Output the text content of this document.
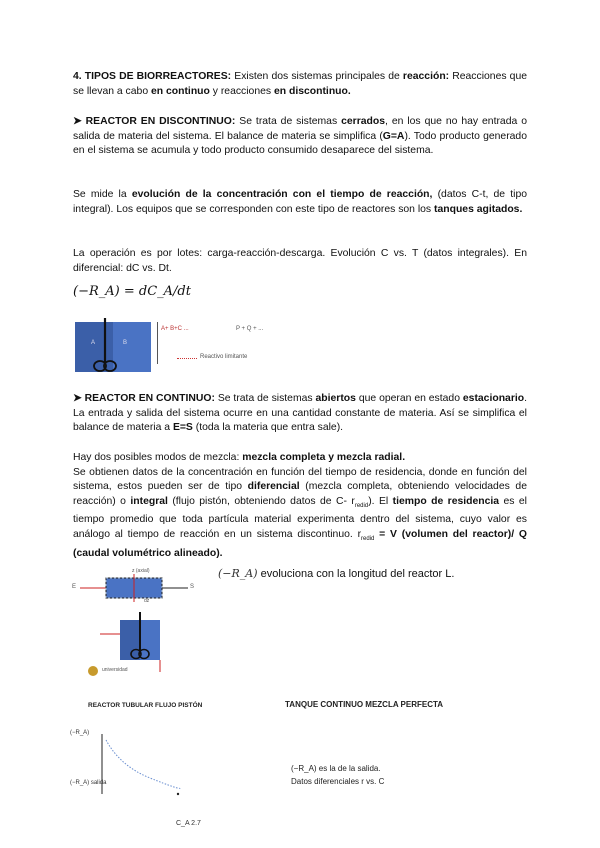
4. TIPOS DE BIORREACTORES: Existen dos sistemas principales de reacción: Reacciones que se llevan a cabo en continuo y reacciones en discontinuo.
➤ REACTOR EN DISCONTINUO: Se trata de sistemas cerrados, en los que no hay entrada o salida de materia del sistema. El balance de materia se simplifica (G=A). Todo producto generado en el sistema se acumula y todo producto consumido desaparece del sistema.
Se mide la evolución de la concentración con el tiempo de reacción, (datos C-t, de tipo integral). Los equipos que se corresponden con este tipo de reactores son los tanques agitados.
La operación es por lotes: carga-reacción-descarga. Evolución C vs. T (datos integrales). En diferencial: dC vs. Dt.
(−R_A) = dC_A/dt
A	B
A+ B+C ...	P + Q + ...
Reactivo limitante
➤ REACTOR EN CONTINUO: Se trata de sistemas abiertos que operan en estado estacionario. La entrada y salida del sistema ocurre en una cantidad constante de materia. Así se simplifica el balance de materia a E=S (toda la materia que entra sale).
Hay dos posibles modos de mezcla: mezcla completa y mezcla radial.
Se obtienen datos de la concentración en función del tiempo de residencia, donde en función del sistema, estos pueden ser de tipo diferencial (mezcla completa, obteniendo velocidades de reacción) o integral (flujo pistón, obteniendo datos de C- $r_{redid}$). El tiempo de residencia es el tiempo promedio que toda partícula material experimenta dentro del sistema, cuyo valor es análogo al tiempo de reacción en un sistema discontinuo. $r_{redid} = V$ (volumen del reactor)/ Q (caudal volumétrico alineado).
z (axial)
E	S
dz
(−R_A) evoluciona con la longitud del reactor L.
universidad
REACTOR TUBULAR FLUJO PISTÓN	TANQUE CONTINUO MEZCLA PERFECTA
(−R_A)
(−R_A) salida
C_A 2.7
(−R_A) es la de la salida.
Datos diferenciales r vs. C
